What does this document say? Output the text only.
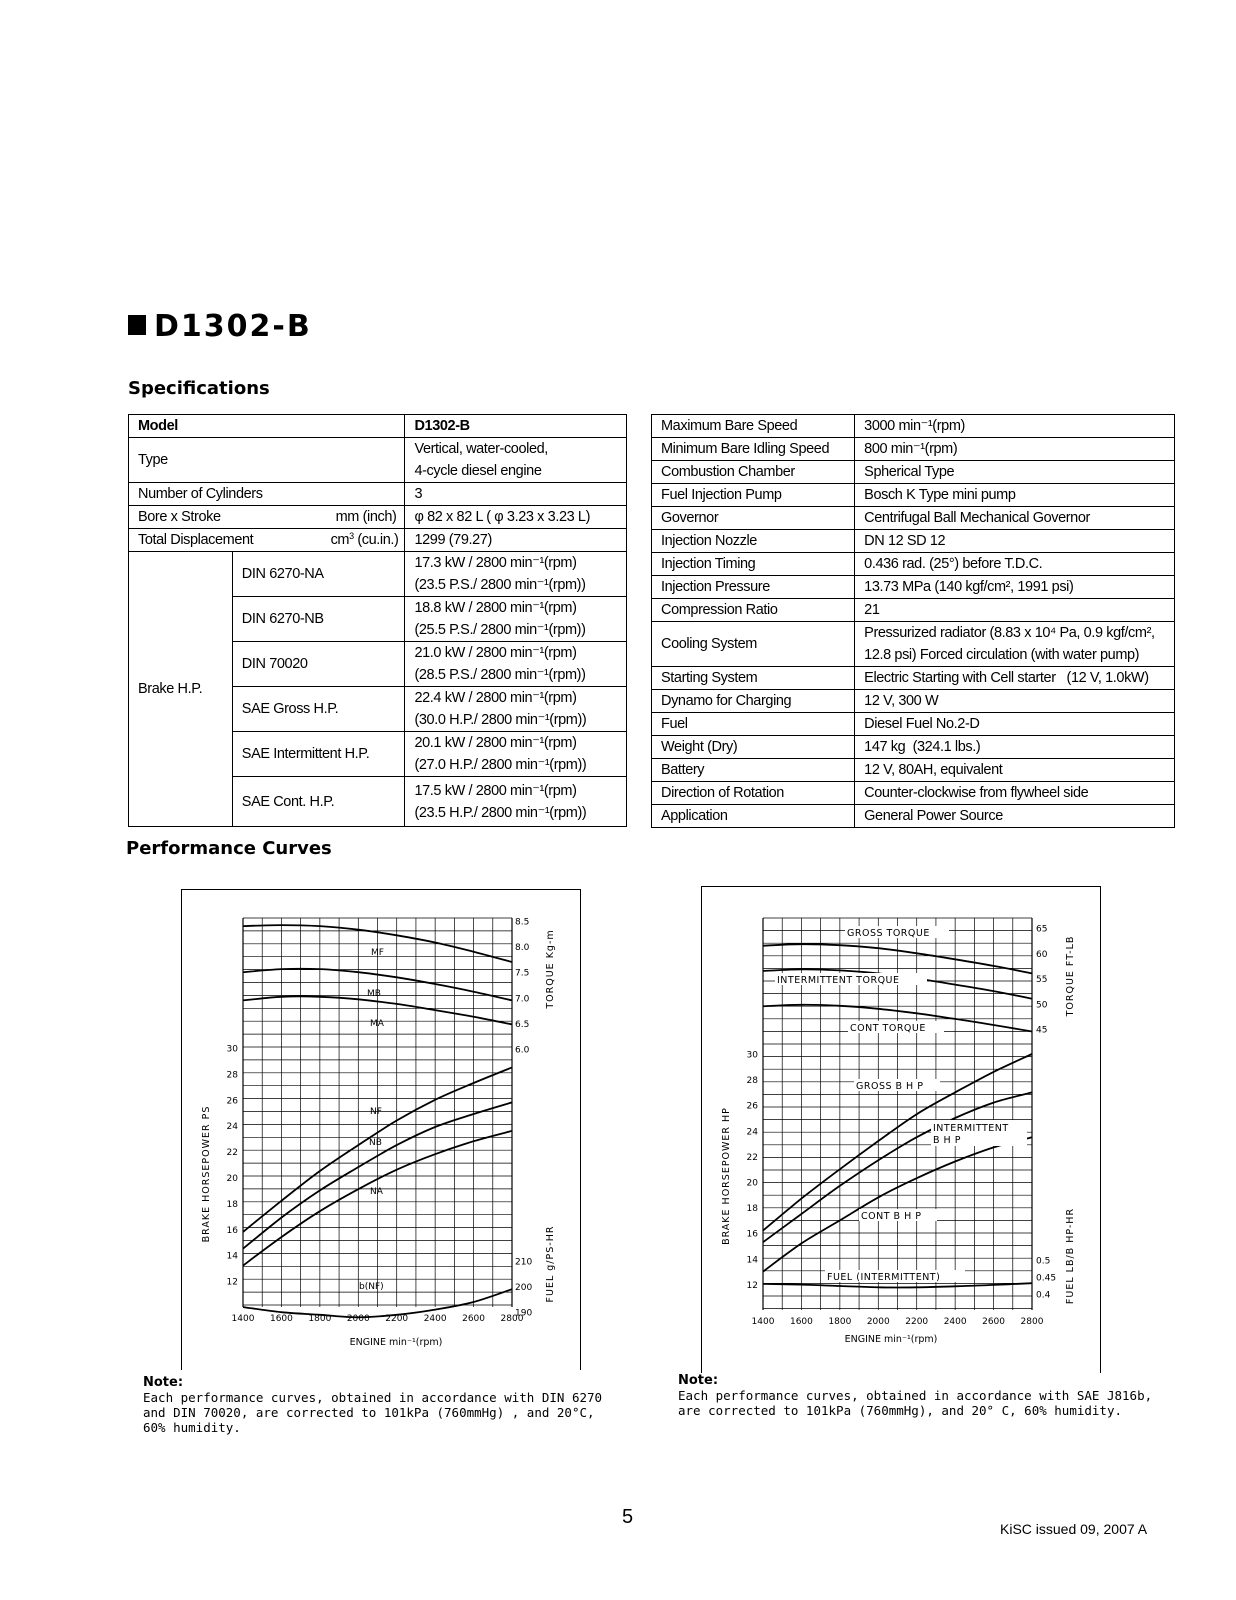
D1302-B
Specifications
Model		D1302-B
Type		Vertical, water-cooled,
4-cycle diesel engine

Number of Cylinders		3
Bore x Stroke mm (inch)		φ 82 x 82 L ( φ 3.23 x 3.23 L)
Total Displacement $cm^3$ (cu.in.)		1299 (79.27)
Brake H.P.	DIN 6270-NA	17.3 kW / 2800 min⁻¹(rpm)
(23.5 P.S./ 2800 min⁻¹(rpm))

	DIN 6270-NB	18.8 kW / 2800 min⁻¹(rpm)
(25.5 P.S./ 2800 min⁻¹(rpm))

	DIN 70020	21.0 kW / 2800 min⁻¹(rpm)
(28.5 P.S./ 2800 min⁻¹(rpm))

	SAE Gross H.P.	22.4 kW / 2800 min⁻¹(rpm)
(30.0 H.P./ 2800 min⁻¹(rpm))

	SAE Intermittent H.P.	20.1 kW / 2800 min⁻¹(rpm)
(27.0 H.P./ 2800 min⁻¹(rpm))

	SAE Cont. H.P.	17.5 kW / 2800 min⁻¹(rpm)
(23.5 H.P./ 2800 min⁻¹(rpm))
Maximum Bare Speed	3000 min⁻¹(rpm)
Minimum Bare Idling Speed	800 min⁻¹(rpm)
Combustion Chamber	Spherical Type
Fuel Injection Pump	Bosch K Type mini pump
Governor	Centrifugal Ball Mechanical Governor
Injection Nozzle	DN 12 SD 12
Injection Timing	0.436 rad. (25°) before T.D.C.
Injection Pressure	13.73 MPa (140 kgf/cm², 1991 psi)
Compression Ratio	21
Cooling System	Pressurized radiator (8.83 x 10⁴ Pa, 0.9 kgf/cm²,
12.8 psi) Forced circulation (with water pump)

Starting System	Electric Starting with Cell starter   (12 V, 1.0kW)
Dynamo for Charging	12 V, 300 W
Fuel	Diesel Fuel No.2-D
Weight (Dry)	147 kg  (324.1 lbs.)
Battery	12 V, 80AH, equivalent
Direction of Rotation	Counter-clockwise from flywheel side
Application	General Power Source
Performance Curves
1400 1600 1800 2000 2200 2400 2600 2800
12
14
16
18
20
22
24
26
28
30	6.0
6.5
7.0
7.5
8.0
8.5
190
200
210
MF
MB
MA
NF
NB
NA
b(NF)
ENGINE min⁻¹(rpm)
BRAKE HORSEPOWER PS
TORQUE Kg-m
FUEL g/PS-HR
1400 1600 1800 2000 2200 2400 2600 2800
12
14
16
18
20
22
24
26
28
30
45
50
55
60
65
0.4
0.45
0.5
GROSS TORQUE
INTERMITTENT TORQUE
CONT TORQUE
GROSS B H P
INTERMITTENT
B H P
CONT B H P
FUEL (INTERMITTENT)
ENGINE min⁻¹(rpm)
BRAKE HORSEPOWER HP
TORQUE FT-LB
FUEL LB/B HP-HR
Note:
Each performance curves, obtained in accordance with DIN 6270
and DIN 70020, are corrected to 101kPa (760mmHg) , and 20°C,
60% humidity.
Note:
Each performance curves, obtained in accordance with SAE J816b,
are corrected to 101kPa (760mmHg), and 20° C, 60% humidity.
5
KiSC issued 09, 2007 A
